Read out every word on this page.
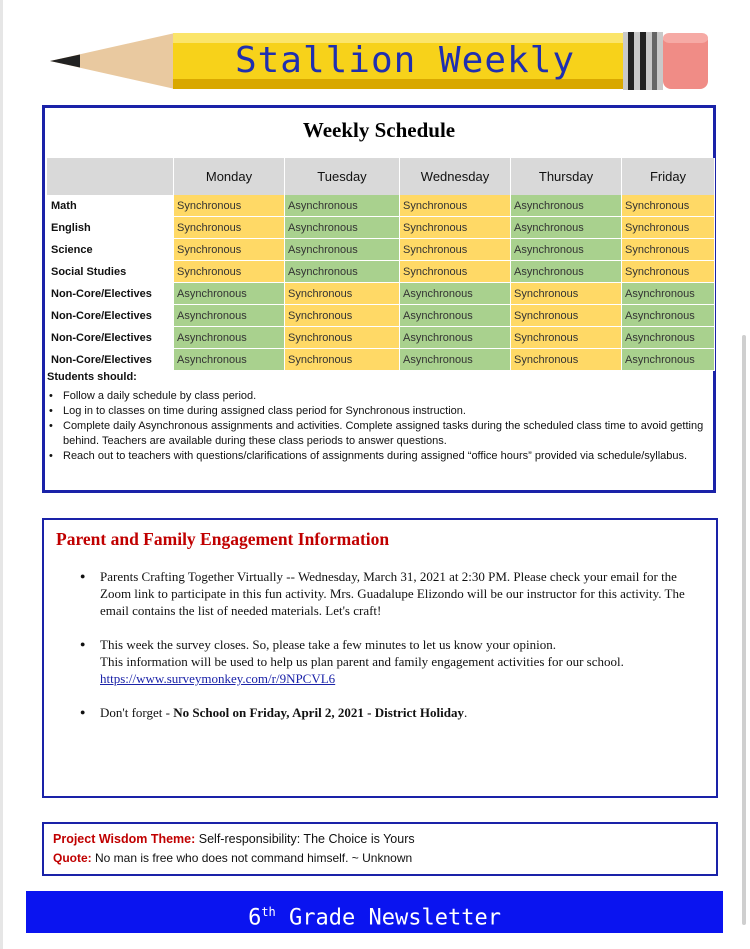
Stallion Weekly
Weekly Schedule
	Monday	Tuesday	Wednesday	Thursday	Friday
Math	Synchronous	Asynchronous	Synchronous	Asynchronous	Synchronous
English	Synchronous	Asynchronous	Synchronous	Asynchronous	Synchronous
Science	Synchronous	Asynchronous	Synchronous	Asynchronous	Synchronous
Social Studies	Synchronous	Asynchronous	Synchronous	Asynchronous	Synchronous
Non-Core/Electives	Asynchronous	Synchronous	Asynchronous	Synchronous	Asynchronous
Non-Core/Electives	Asynchronous	Synchronous	Asynchronous	Synchronous	Asynchronous
Non-Core/Electives	Asynchronous	Synchronous	Asynchronous	Synchronous	Asynchronous
Non-Core/Electives	Asynchronous	Synchronous	Asynchronous	Synchronous	Asynchronous
Students should:
• Follow a daily schedule by class period.
• Log in to classes on time during assigned class period for Synchronous instruction.
• Complete daily Asynchronous assignments and activities. Complete assigned tasks during the scheduled class time to avoid getting behind. Teachers are available during these class periods to answer questions.
• Reach out to teachers with questions/clarifications of assignments during assigned “office hours” provided via schedule/syllabus.
Parent and Family Engagement Information
● Parents Crafting Together Virtually -- Wednesday, March 31, 2021 at 2:30 PM. Please check your email for the Zoom link to participate in this fun activity. Mrs. Guadalupe Elizondo will be our instructor for this activity. The email contains the list of needed materials. Let's craft!
● This week the survey closes. So, please take a few minutes to let us know your opinion.
This information will be used to help us plan parent and family engagement activities for our school.
https://www.surveymonkey.com/r/9NPCVL6
● Don't forget - No School on Friday, April 2, 2021 - District Holiday.
Project Wisdom Theme: Self-responsibility: The Choice is Yours
Quote: No man is free who does not command himself. ~ Unknown
6th Grade Newsletter
